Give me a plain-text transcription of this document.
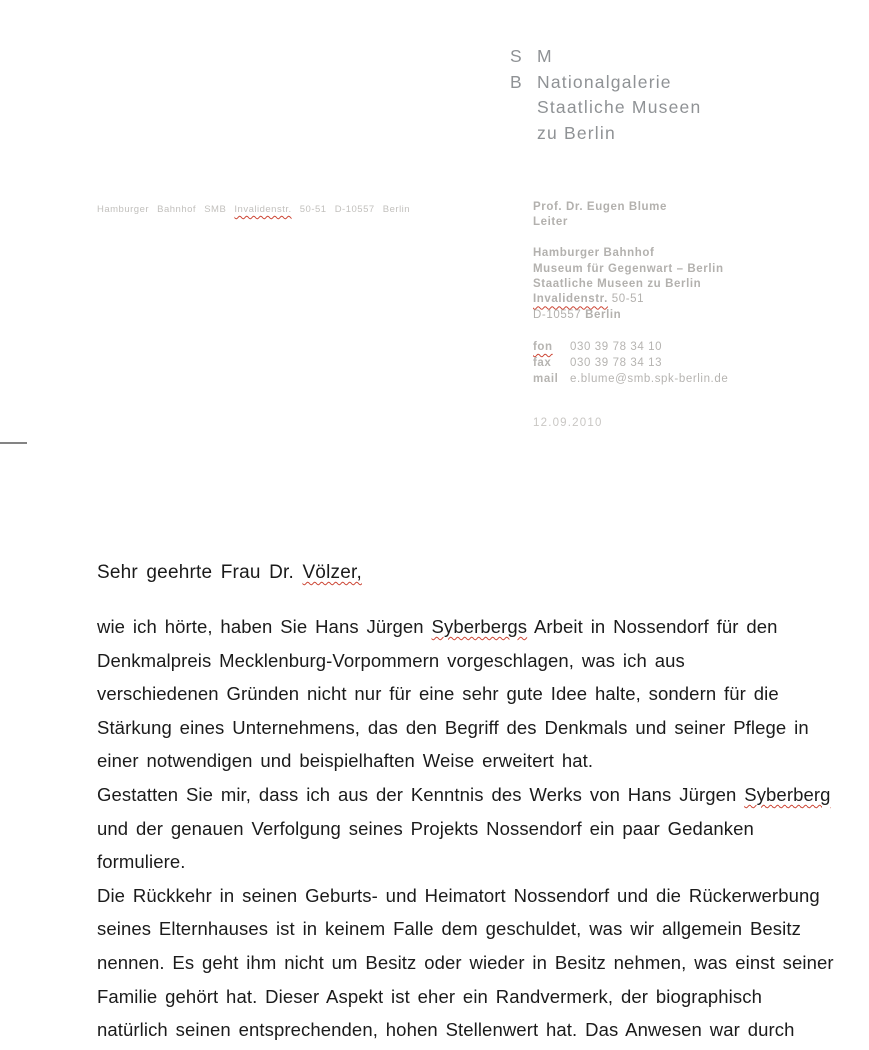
S M
B Nationalgalerie
Staatliche Museen
zu Berlin
Hamburger Bahnhof SMB Invalidenstr. 50-51 D-10557 Berlin	Prof. Dr. Eugen Blume
Leiter

Hamburger Bahnhof
Museum für Gegenwart – Berlin
Staatliche Museen zu Berlin
Invalidenstr. 50-51
D-10557 Berlin
fon 030 39 78 34 10
fax 030 39 78 34 13
mail e.blume@smb.spk-berlin.de
12.09.2010
Sehr geehrte Frau Dr. Völzer,
wie ich hörte, haben Sie Hans Jürgen Syberbergs Arbeit in Nossendorf für den
Denkmalpreis Mecklenburg-Vorpommern vorgeschlagen, was ich aus
verschiedenen Gründen nicht nur für eine sehr gute Idee halte, sondern für die
Stärkung eines Unternehmens, das den Begriff des Denkmals und seiner Pflege in
einer notwendigen und beispielhaften Weise erweitert hat.
Gestatten Sie mir, dass ich aus der Kenntnis des Werks von Hans Jürgen Syberberg
und der genauen Verfolgung seines Projekts Nossendorf ein paar Gedanken
formuliere.
Die Rückkehr in seinen Geburts- und Heimatort Nossendorf und die Rückerwerbung
seines Elternhauses ist in keinem Falle dem geschuldet, was wir allgemein Besitz
nennen. Es geht ihm nicht um Besitz oder wieder in Besitz nehmen, was einst seiner
Familie gehört hat. Dieser Aspekt ist eher ein Randvermerk, der biographisch
natürlich seinen entsprechenden, hohen Stellenwert hat. Das Anwesen war durch
